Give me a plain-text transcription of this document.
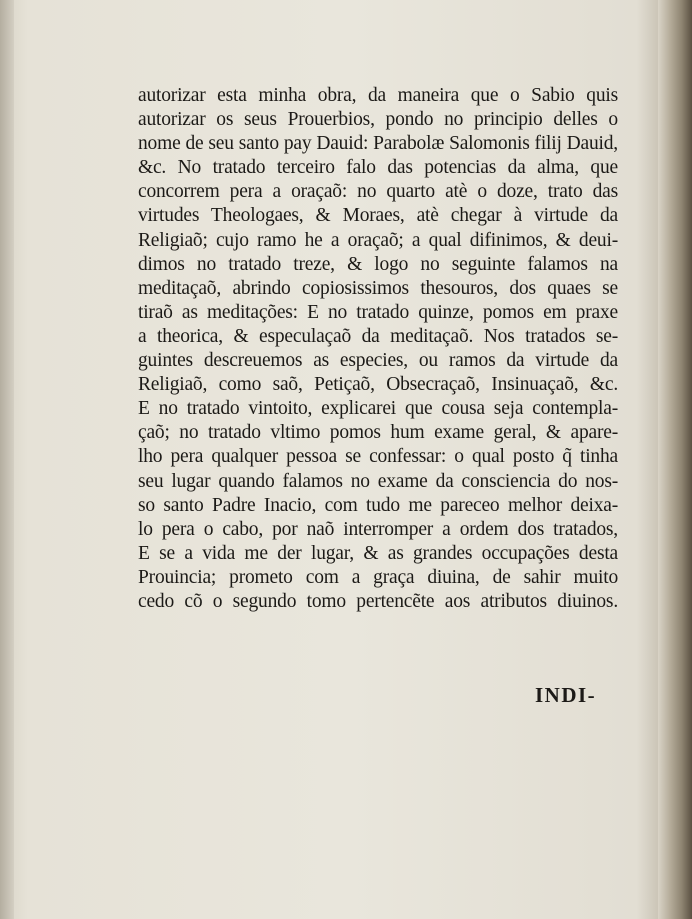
autorizar esta minha obra, da maneira que o Sabio quis
autorizar os seus Prouerbios, pondo no principio delles o
nome de seu santo pay Dauid: Parabolæ Salomonis filij Dauid,
&c. No tratado terceiro falo das potencias da alma, que
concorrem pera a oraçaõ: no quarto atè o doze, trato das
virtudes Theologaes, & Moraes, atè chegar à virtude da
Religiaõ; cujo ramo he a oraçaõ; a qual difinimos, & deui-
dimos no tratado treze, & logo no seguinte falamos na
meditaçaõ, abrindo copiosissimos thesouros, dos quaes se
tiraõ as meditações: E no tratado quinze, pomos em praxe
a theorica, & especulaçaõ da meditaçaõ. Nos tratados se-
guintes descreuemos as especies, ou ramos da virtude da
Religiaõ, como saõ, Petiçaõ, Obsecraçaõ, Insinuaçaõ, &c.
E no tratado vintoito, explicarei que cousa seja contempla-
çaõ; no tratado vltimo pomos hum exame geral, & apare-
lho pera qualquer pessoa se confessar: o qual posto q̃ tinha
seu lugar quando falamos no exame da consciencia do nos-
so santo Padre Inacio, com tudo me pareceo melhor deixa-
lo pera o cabo, por naõ interromper a ordem dos tratados,
E se a vida me der lugar, & as grandes occupações desta
Prouincia; prometo com a graça diuina, de sahir muito
cedo cõ o segundo tomo pertencẽte aos atributos diuinos.
INDI-
